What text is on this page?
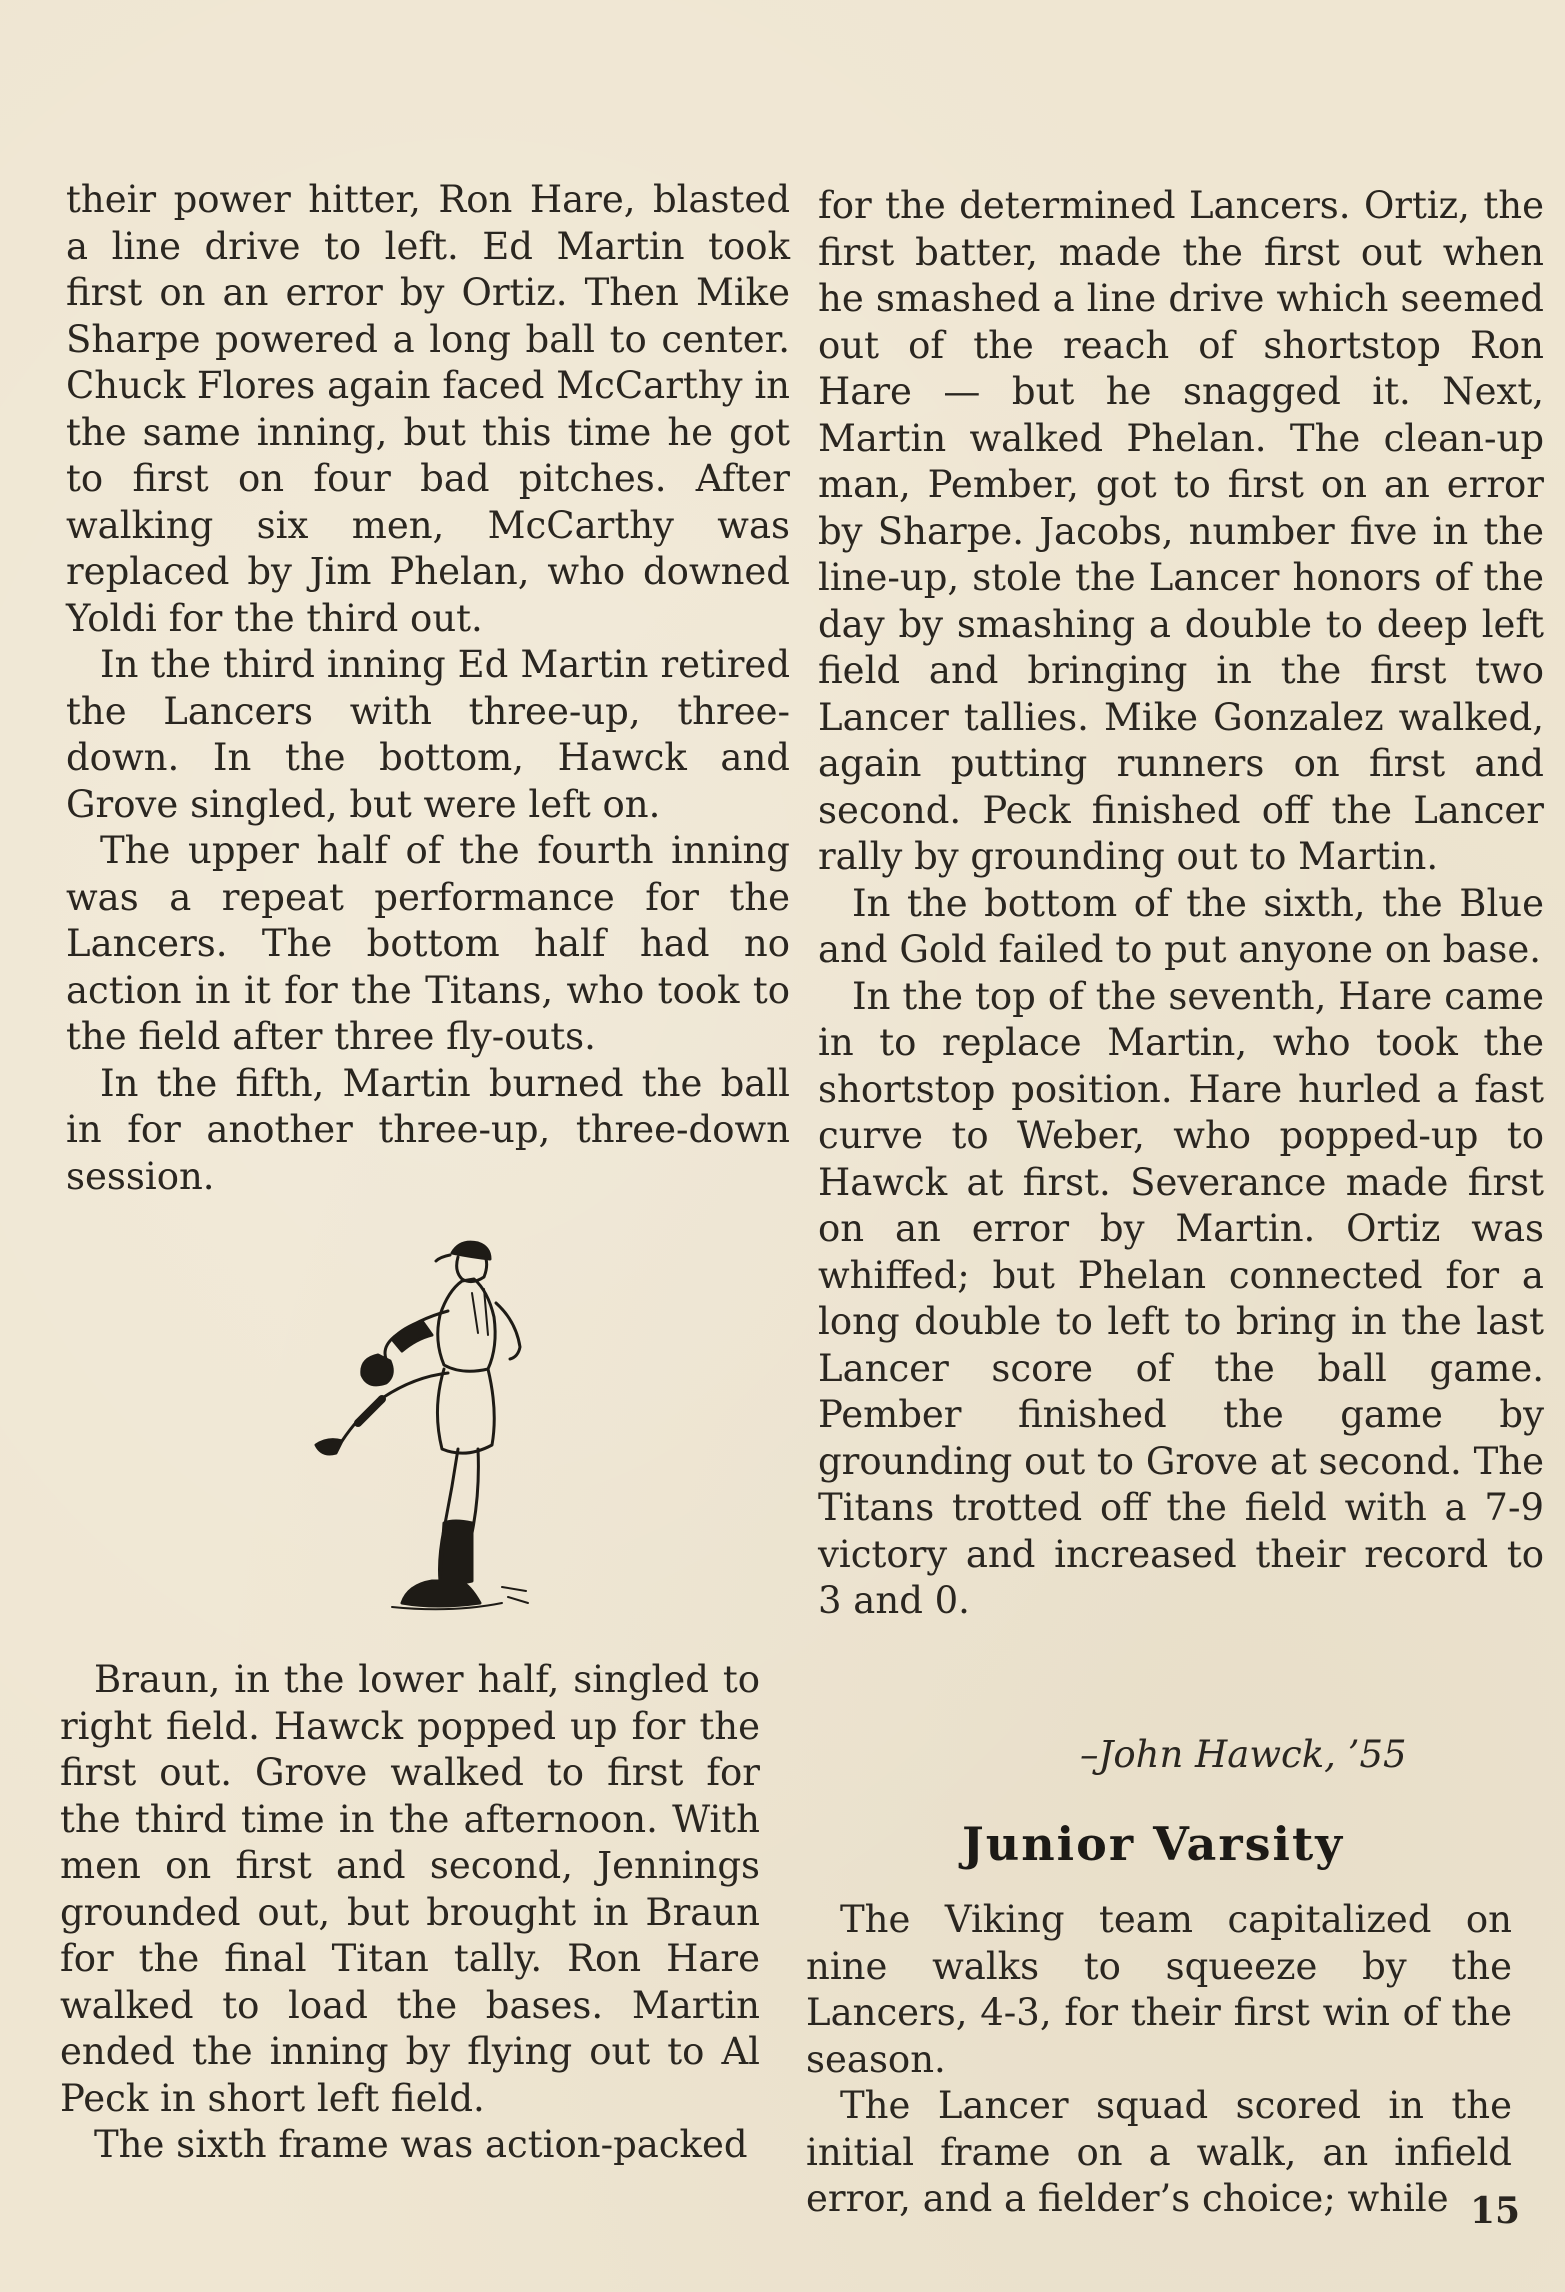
their power hitter, Ron Hare, blasted a line drive to left. Ed Martin took first on an error by Ortiz. Then Mike Sharpe powered a long ball to center. Chuck Flores again faced McCarthy in the same inning, but this time he got to first on four bad pitches. After walking six men, McCarthy was replaced by Jim Phelan, who downed Yoldi for the third out.

In the third inning Ed Martin retired the Lancers with three-up, three-down. In the bottom, Hawck and Grove singled, but were left on.

The upper half of the fourth inning was a repeat performance for the Lancers. The bottom half had no action in it for the Titans, who took to the field after three fly-outs.

In the fifth, Martin burned the ball in for another three-up, three-down session.

Braun, in the lower half, singled to right field. Hawck popped up for the first out. Grove walked to first for the third time in the afternoon. With men on first and second, Jennings grounded out, but brought in Braun for the final Titan tally. Ron Hare walked to load the bases. Martin ended the inning by flying out to Al Peck in short left field.

The sixth frame was action-packed

for the determined Lancers. Ortiz, the first batter, made the first out when he smashed a line drive which seemed out of the reach of shortstop Ron Hare — but he snagged it. Next, Martin walked Phelan. The clean-up man, Pember, got to first on an error by Sharpe. Jacobs, number five in the line-up, stole the Lancer honors of the day by smashing a double to deep left field and bringing in the first two Lancer tallies. Mike Gonzalez walked, again putting runners on first and second. Peck finished off the Lancer rally by grounding out to Martin.

In the bottom of the sixth, the Blue and Gold failed to put anyone on base.

In the top of the seventh, Hare came in to replace Martin, who took the shortstop position. Hare hurled a fast curve to Weber, who popped-up to Hawck at first. Severance made first on an error by Martin. Ortiz was whiffed; but Phelan connected for a long double to left to bring in the last Lancer score of the ball game. Pember finished the game by grounding out to Grove at second. The Titans trotted off the field with a 7-9 victory and increased their record to 3 and 0.

–John Hawck, ’55
Junior Varsity

The Viking team capitalized on nine walks to squeeze by the Lancers, 4-3, for their first win of the season.

The Lancer squad scored in the initial frame on a walk, an infield error, and a fielder’s choice; while 15
